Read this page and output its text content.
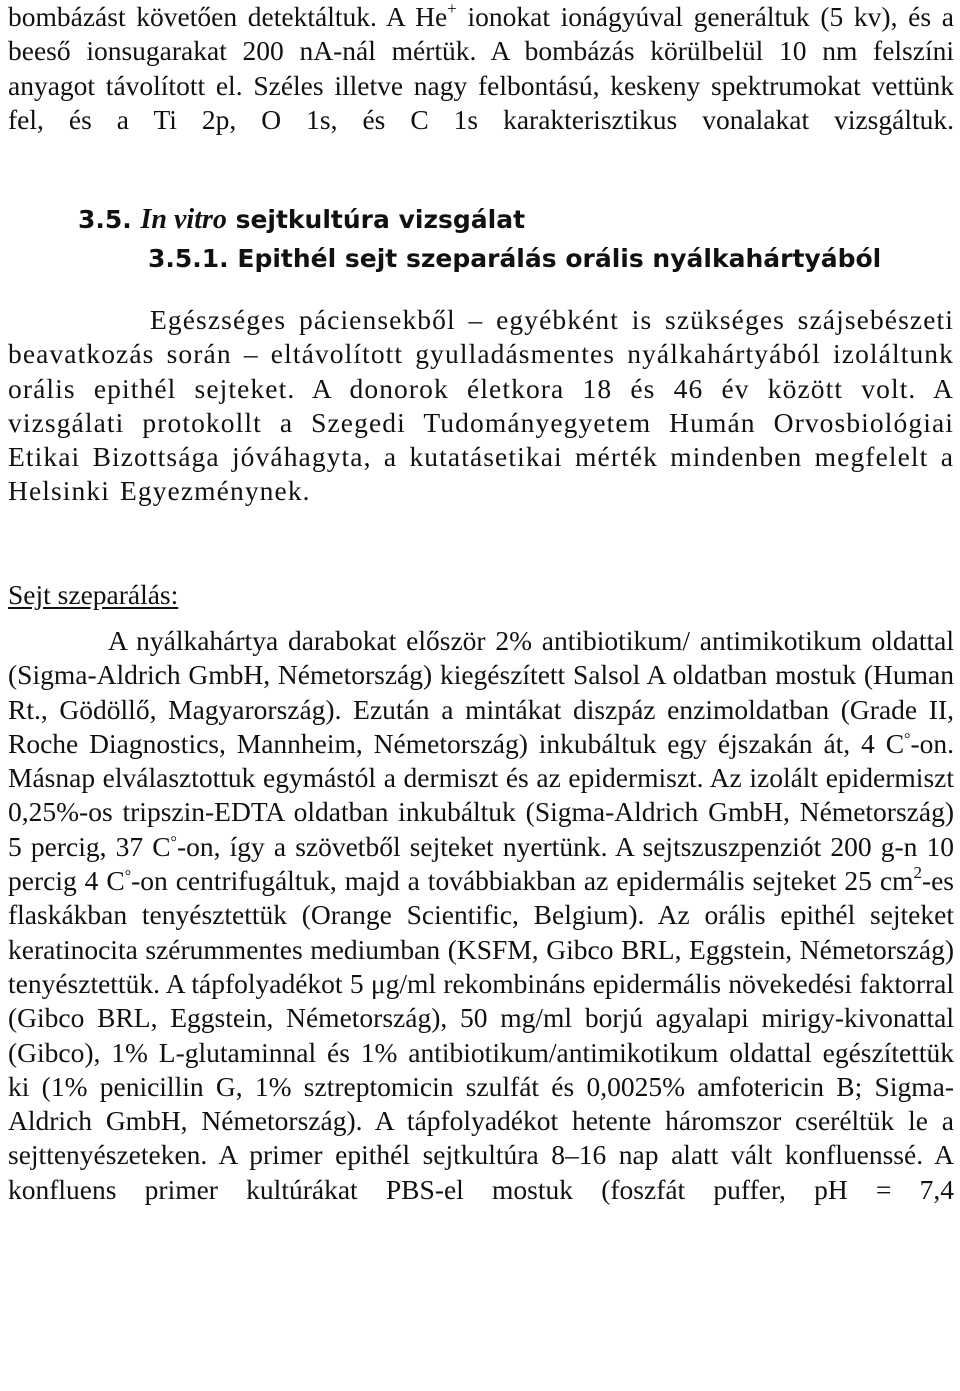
bombázást követően detektáltuk. A He+ ionokat ionágyúval generáltuk (5 kv), és a beeső ionsugarakat 200 nA-nál mértük. A bombázás körülbelül 10 nm felszíni anyagot távolított el. Széles illetve nagy felbontású, keskeny spektrumokat vettünk fel, és a Ti 2p, O 1s, és C 1s karakterisztikus vonalakat vizsgáltuk.

3.5. In vitro sejtkultúra vizsgálat
3.5.1. Epithél sejt szeparálás orális nyálkahártyából

Egészséges páciensekből – egyébként is szükséges szájsebészeti beavatkozás során – eltávolított gyulladásmentes nyálkahártyából izoláltunk orális epithél sejteket. A donorok életkora 18 és 46 év között volt. A vizsgálati protokollt a Szegedi Tudományegyetem Humán Orvosbiológiai Etikai Bizottsága jóváhagyta, a kutatásetikai mérték mindenben megfelelt a Helsinki Egyezménynek.

Sejt szeparálás:

A nyálkahártya darabokat először 2% antibiotikum/ antimikotikum oldattal (Sigma-Aldrich GmbH, Németország) kiegészített Salsol A oldatban mostuk (Human Rt., Gödöllő, Magyarország). Ezután a mintákat diszpáz enzimoldatban (Grade II, Roche Diagnostics, Mannheim, Németország) inkubáltuk egy éjszakán át, 4 C°-on. Másnap elválasztottuk egymástól a dermiszt és az epidermiszt. Az izolált epidermiszt 0,25%-os tripszin-EDTA oldatban inkubáltuk (Sigma-Aldrich GmbH, Németország) 5 percig, 37 C°-on, így a szövetből sejteket nyertünk. A sejtszuszpenziót 200 g-n 10 percig 4 C°-on centrifugáltuk, majd a továbbiakban az epidermális sejteket 25 $cm^2-es$ flaskákban tenyésztettük (Orange Scientific, Belgium). Az orális epithél sejteket keratinocita szérummentes mediumban (KSFM, Gibco BRL, Eggstein, Németország) tenyésztettük. A tápfolyadékot 5 μg/ml rekombináns epidermális növekedési faktorral (Gibco BRL, Eggstein, Németország), 50 mg/ml borjú agyalapi mirigy-kivonattal (Gibco), 1% L-glutaminnal és 1% antibiotikum/antimikotikum oldattal egészítettük ki (1% penicillin G, 1% sztreptomicin szulfát és 0,0025% amfotericin B; Sigma-Aldrich GmbH, Németország). A tápfolyadékot hetente háromszor cseréltük le a sejttenyészeteken. A primer epithél sejtkultúra 8–16 nap alatt vált konfluenssé. A konfluens primer kultúrákat PBS-el mostuk (foszfát puffer, pH = 7,4
